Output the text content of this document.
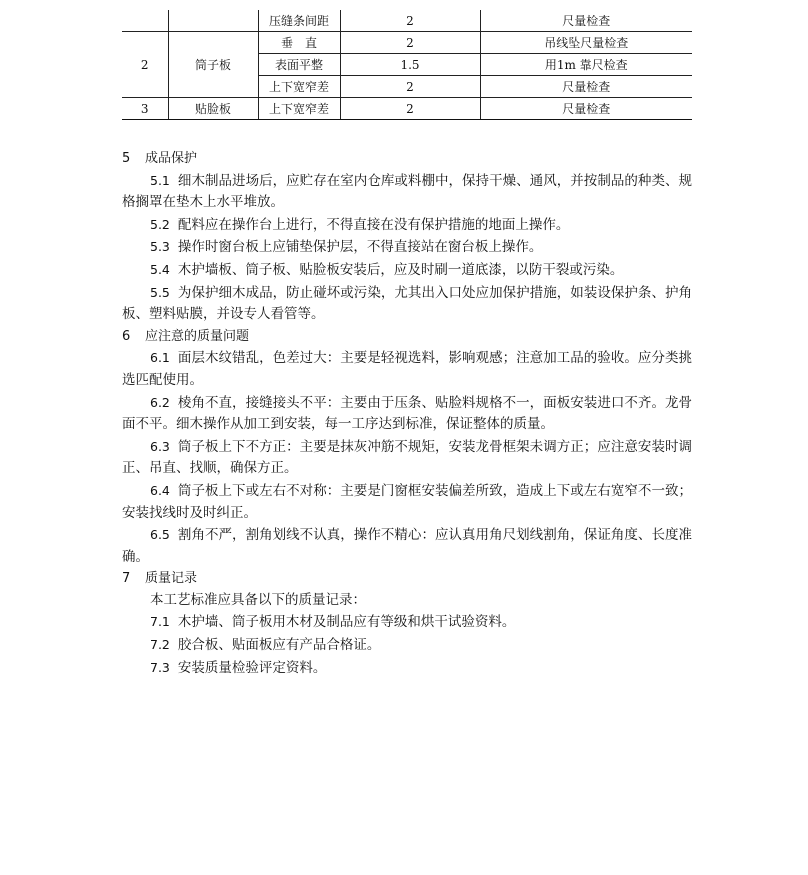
		压缝条间距	2	尺量检查
2	筒子板	垂　直	2	吊线坠尺量检查
		表面平整	1.5	用1m 靠尺检查
		上下宽窄差	2	尺量检查
3	贴脸板	上下宽窄差	2	尺量检查

5 成品保护

5.1 细木制品进场后，应贮存在室内仓库或料棚中，保持干燥、通风，并按制品的种类、规格搁罩在垫木上水平堆放。

5.2 配料应在操作台上进行，不得直接在没有保护措施的地面上操作。

5.3 操作时窗台板上应铺垫保护层，不得直接站在窗台板上操作。

5.4 木护墙板、筒子板、贴脸板安装后，应及时刷一道底漆，以防干裂或污染。

5.5 为保护细木成品，防止碰坏或污染，尤其出入口处应加保护措施，如装设保护条、护角板、塑料贴膜，并设专人看管等。

6 应注意的质量问题

6.1 面层木纹错乱，色差过大：主要是轻视选料，影响观感；注意加工品的验收。应分类挑选匹配使用。

6.2 棱角不直，接缝接头不平：主要由于压条、贴脸料规格不一，面板安装进口不齐。龙骨面不平。细木操作从加工到安装，每一工序达到标准，保证整体的质量。

6.3 筒子板上下不方正：主要是抹灰冲筋不规矩，安装龙骨框架未调方正；应注意安装时调正、吊直、找顺，确保方正。

6.4 筒子板上下或左右不对称：主要是门窗框安装偏差所致，造成上下或左右宽窄不一致；安装找线时及时纠正。

6.5 割角不严，割角划线不认真，操作不精心：应认真用角尺划线割角，保证角度、长度准确。

7 质量记录

本工艺标准应具备以下的质量记录：

7.1 木护墙、筒子板用木材及制品应有等级和烘干试验资料。

7.2 胶合板、贴面板应有产品合格证。

7.3 安装质量检验评定资料。
